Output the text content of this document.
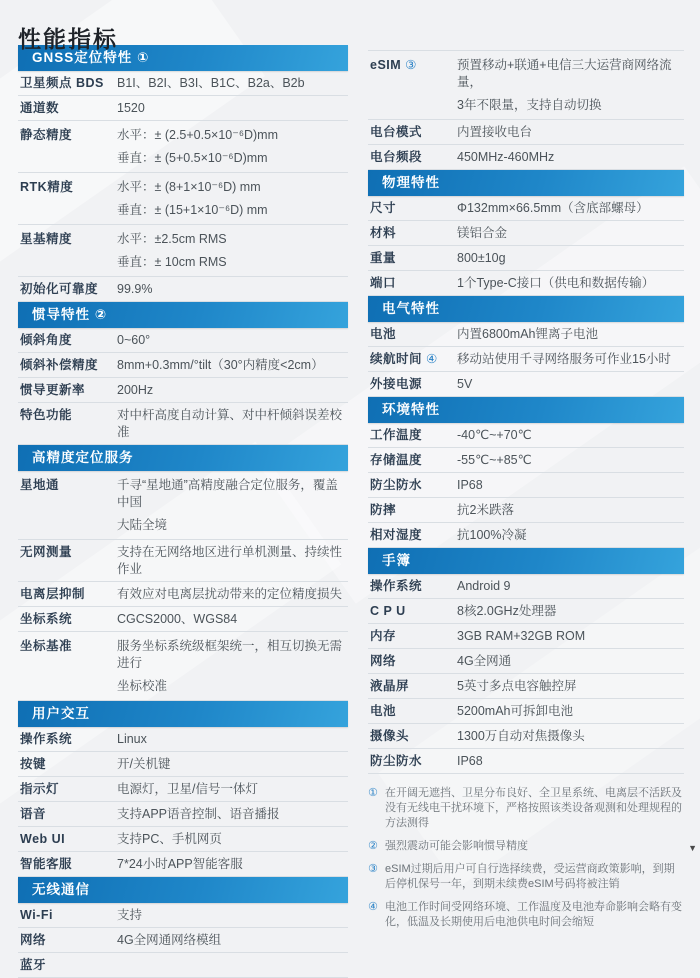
性能指标
GNSS定位特性 ①
卫星频点 BDS	B1I、B2I、B3I、B1C、B2a、B2b
通道数	1520
静态精度	水平：± (2.5+0.5×10⁻⁶D)mm
垂直：± (5+0.5×10⁻⁶D)mm
RTK精度	水平：± (8+1×10⁻⁶D) mm
垂直：± (15+1×10⁻⁶D) mm
星基精度	水平：±2.5cm RMS
垂直：± 10cm RMS
初始化可靠度	99.9%
惯导特性 ②
倾斜角度	0~60°
倾斜补偿精度	8mm+0.3mm/°tilt（30°内精度<2cm）
惯导更新率	200Hz
特色功能	对中杆高度自动计算、对中杆倾斜误差校准
高精度定位服务
星地通	千寻“星地通”高精度融合定位服务，覆盖中国
大陆全境
无网测量	支持在无网络地区进行单机测量、持续性作业
电离层抑制	有效应对电离层扰动带来的定位精度损失
坐标系统	CGCS2000、WGS84
坐标基准	服务坐标系统级框架统一，相互切换无需进行
坐标校准
用户交互
操作系统	Linux
按键	开/关机键
指示灯	电源灯，卫星/信号一体灯
语音	支持APP语音控制、语音播报
Web UI	支持PC、手机网页
智能客服	7*24小时APP智能客服
无线通信
Wi-Fi	支持
网络	4G全网通网络模组
蓝牙
eSIM ③	预置移动+联通+电信三大运营商网络流量，
3年不限量，支持自动切换
电台模式	内置接收电台
电台频段	450MHz-460MHz
物理特性
尺寸	Φ132mm×66.5mm（含底部螺母）
材料	镁铝合金
重量	800±10g
端口	1个Type-C接口（供电和数据传输）
电气特性
电池	内置6800mAh锂离子电池
续航时间 ④	移动站使用千寻网络服务可作业15小时
外接电源	5V
环境特性
工作温度	-40℃~+70℃
存储温度	-55℃~+85℃
防尘防水	IP68
防摔	抗2米跌落
相对湿度	抗100%冷凝
手簿
操作系统	Android 9
C P U	8核2.0GHz处理器
内存	3GB RAM+32GB ROM
网络	4G全网通
液晶屏	5英寸多点电容触控屏
电池	5200mAh可拆卸电池
摄像头	1300万自动对焦摄像头
防尘防水	IP68
① 在开阔无遮挡、卫星分布良好、全卫星系统、电离层不活跃及没有无线电干扰环境下，严格按照该类设备观测和处理规程的方法测得
② 强烈震动可能会影响惯导精度
③ eSIM过期后用户可自行选择续费，受运营商政策影响，到期后停机保号一年，到期未续费eSIM号码将被注销
④ 电池工作时间受网络环境、工作温度及电池寿命影响会略有变化，低温及长期使用后电池供电时间会缩短
▼
